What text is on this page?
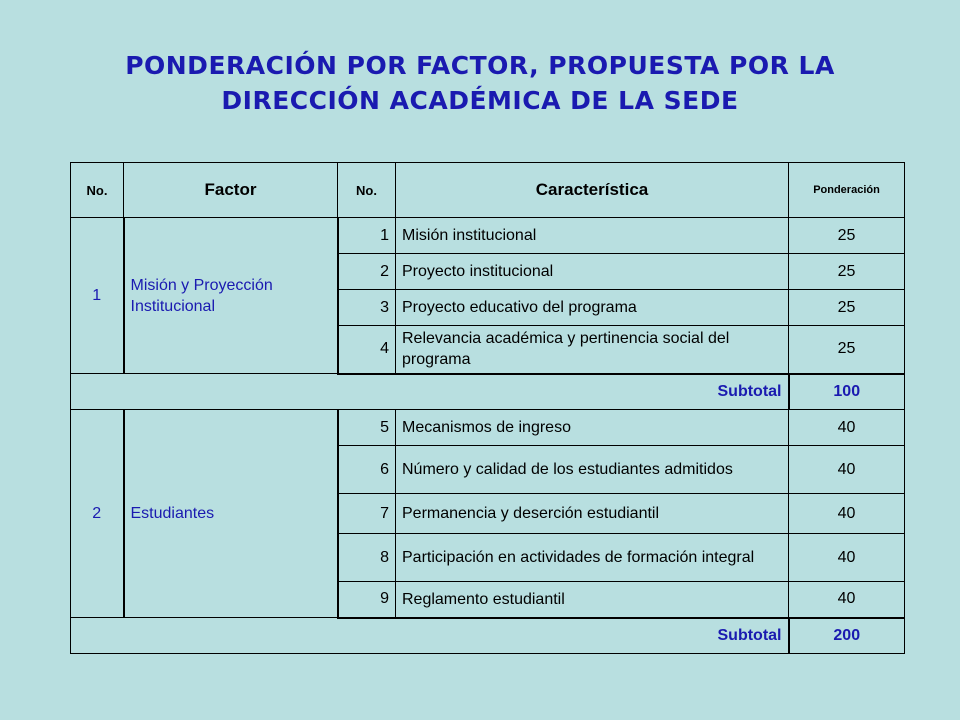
PONDERACIÓN POR FACTOR, PROPUESTA POR LA
DIRECCIÓN ACADÉMICA DE LA SEDE
No.	Factor	No.	Característica	Ponderación
1	Misión y Proyección Institucional	1	Misión institucional	25
		2	Proyecto institucional	25
		3	Proyecto educativo del programa	25
		4	Relevancia académica y pertinencia social del programa	25
Subtotal				100
2	Estudiantes	5	Mecanismos de ingreso	40
		6	Número y calidad de los estudiantes admitidos	40
		7	Permanencia y deserción estudiantil	40
		8	Participación en actividades de formación integral	40
		9	Reglamento estudiantil	40
Subtotal				200
